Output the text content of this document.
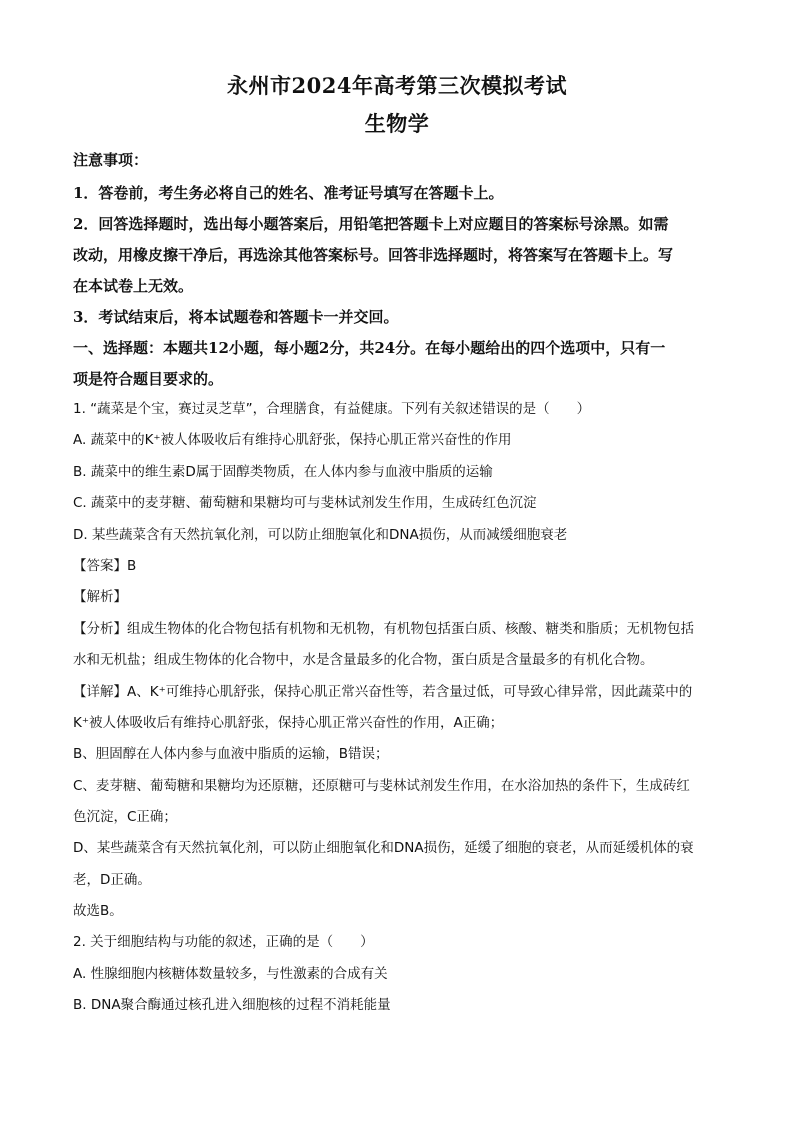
永州市2024年高考第三次模拟考试
生物学
注意事项：
1．答卷前，考生务必将自己的姓名、准考证号填写在答题卡上。
2．回答选择题时，选出每小题答案后，用铅笔把答题卡上对应题目的答案标号涂黑。如需
改动，用橡皮擦干净后，再选涂其他答案标号。回答非选择题时，将答案写在答题卡上。写
在本试卷上无效。
3．考试结束后，将本试题卷和答题卡一并交回。
一、选择题：本题共12小题，每小题2分，共24分。在每小题给出的四个选项中，只有一
项是符合题目要求的。
1. “蔬菜是个宝，赛过灵芝草”，合理膳食，有益健康。下列有关叙述错误的是（　　）
A. 蔬菜中的K⁺被人体吸收后有维持心肌舒张，保持心肌正常兴奋性的作用
B. 蔬菜中的维生素D属于固醇类物质，在人体内参与血液中脂质的运输
C. 蔬菜中的麦芽糖、葡萄糖和果糖均可与斐林试剂发生作用，生成砖红色沉淀
D. 某些蔬菜含有天然抗氧化剂，可以防止细胞氧化和DNA损伤，从而减缓细胞衰老
【答案】B
【解析】
【分析】组成生物体的化合物包括有机物和无机物，有机物包括蛋白质、核酸、糖类和脂质；无机物包括
水和无机盐；组成生物体的化合物中，水是含量最多的化合物，蛋白质是含量最多的有机化合物。
【详解】A、K⁺可维持心肌舒张，保持心肌正常兴奋性等，若含量过低，可导致心律异常，因此蔬菜中的
K⁺被人体吸收后有维持心肌舒张，保持心肌正常兴奋性的作用，A正确；
B、胆固醇在人体内参与血液中脂质的运输，B错误；
C、麦芽糖、葡萄糖和果糖均为还原糖，还原糖可与斐林试剂发生作用，在水浴加热的条件下，生成砖红
色沉淀，C正确；
D、某些蔬菜含有天然抗氧化剂，可以防止细胞氧化和DNA损伤，延缓了细胞的衰老，从而延缓机体的衰
老，D正确。
故选B。
2. 关于细胞结构与功能的叙述，正确的是（　　）
A. 性腺细胞内核糖体数量较多，与性激素的合成有关
B. DNA聚合酶通过核孔进入细胞核的过程不消耗能量
